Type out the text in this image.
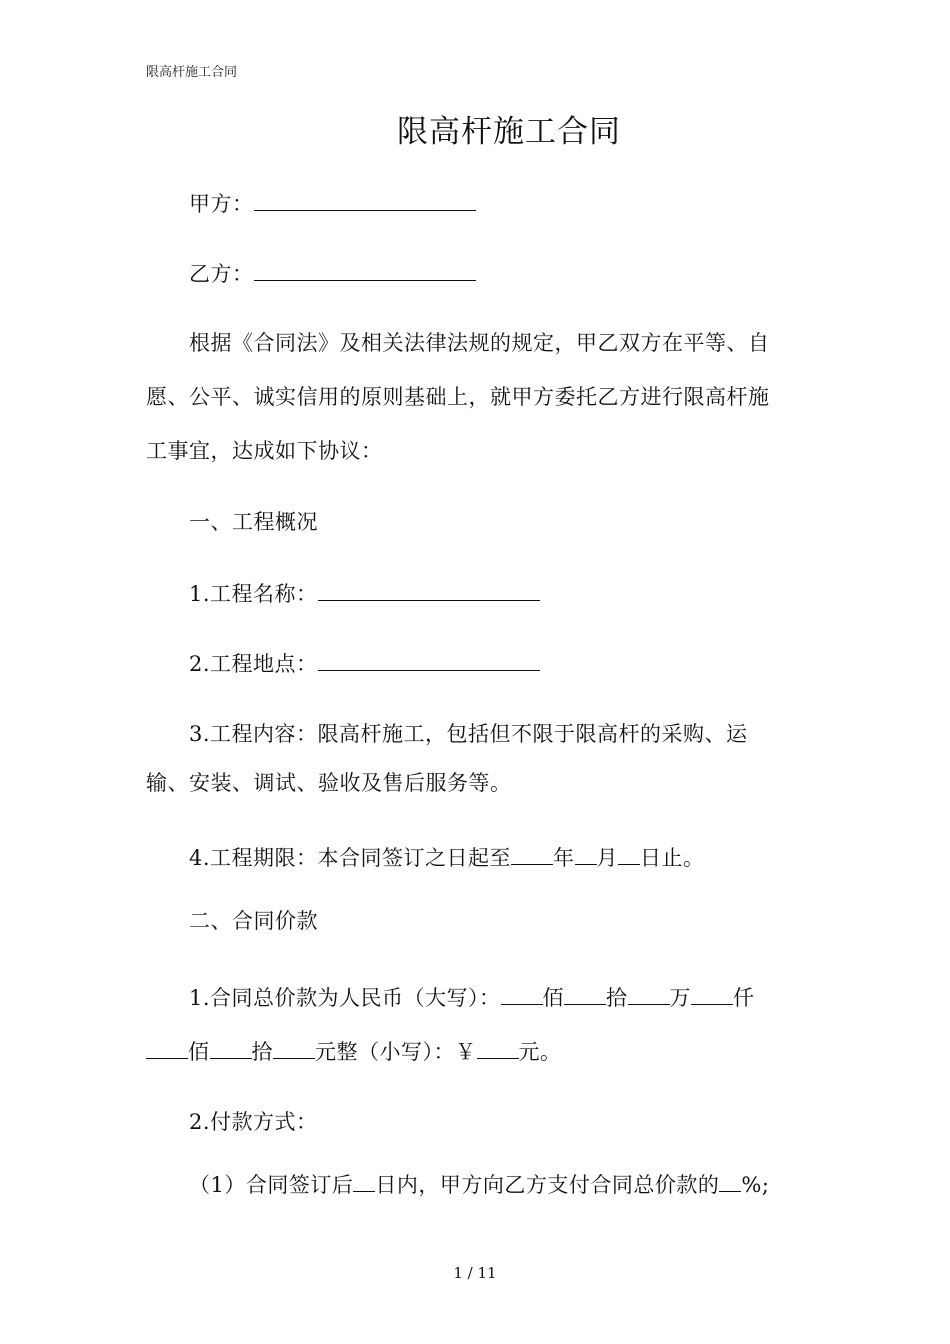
限高杆施工合同
限高杆施工合同
甲方：
乙方：
根据《合同法》及相关法律法规的规定，甲乙双方在平等、自
愿、公平、诚实信用的原则基础上，就甲方委托乙方进行限高杆施
工事宜，达成如下协议：
一、工程概况
1.工程名称：
2.工程地点：
3.工程内容：限高杆施工，包括但不限于限高杆的采购、运
输、安装、调试、验收及售后服务等。
4.工程期限：本合同签订之日起至 年 月 日止。
二、合同价款
1.合同总价款为人民币（大写）： 佰 拾 万 仟
佰 拾 元整（小写）：￥ 元。
2.付款方式：
（1）合同签订后 日内，甲方向乙方支付合同总价款的 %;
1 / 11
